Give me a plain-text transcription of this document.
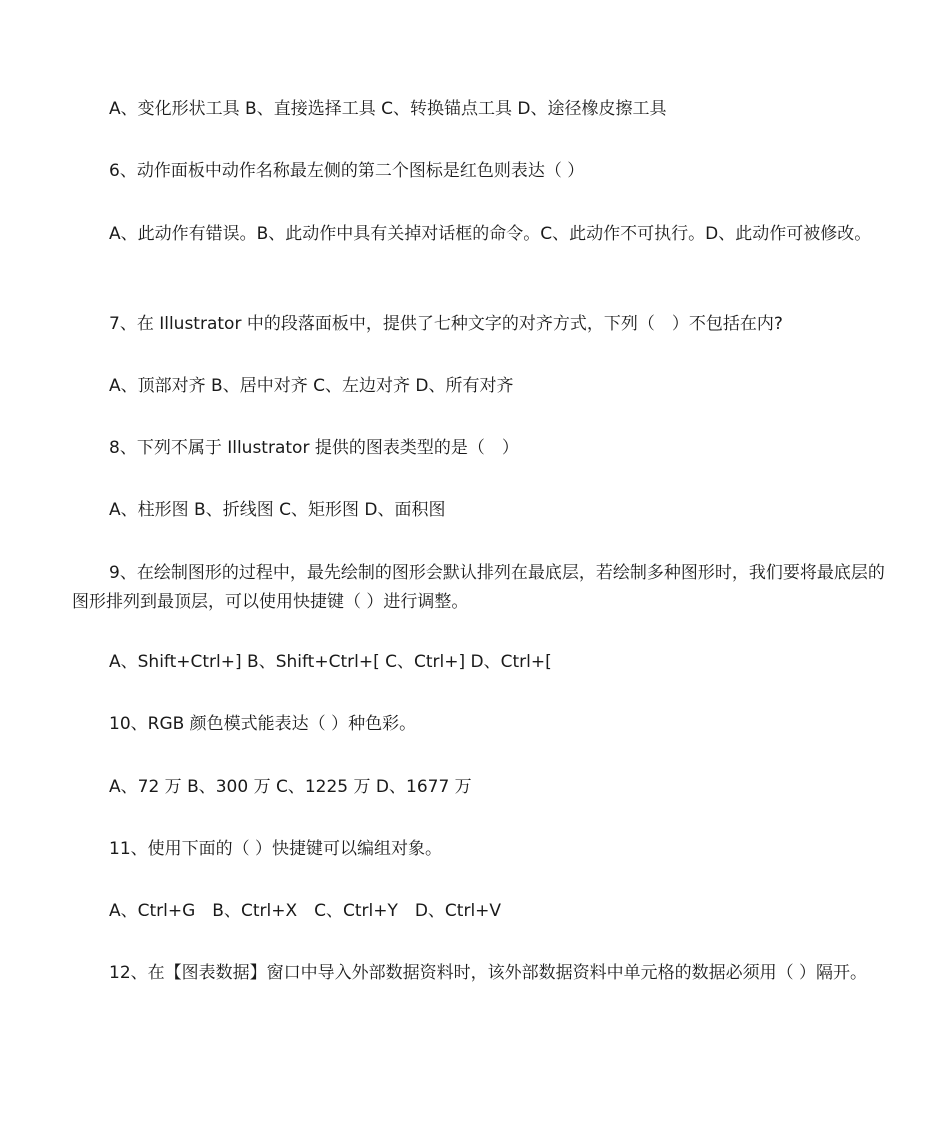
A、变化形状工具 B、直接选择工具 C、转换锚点工具 D、途径橡皮擦工具

6、动作面板中动作名称最左侧的第二个图标是红色则表达（ ）

A、此动作有错误。B、此动作中具有关掉对话框的命令。C、此动作不可执行。D、此动作可被修改。

7、在 Illustrator 中的段落面板中，提供了七种文字的对齐方式，下列（　）不包括在内?

A、顶部对齐 B、居中对齐 C、左边对齐 D、所有对齐

8、下列不属于 Illustrator 提供的图表类型的是（　）

A、柱形图 B、折线图 C、矩形图 D、面积图

9、在绘制图形的过程中，最先绘制的图形会默认排列在最底层，若绘制多种图形时，我们要将最底层的图形排列到最顶层，可以使用快捷键（ ）进行调整。

A、Shift+Ctrl+] B、Shift+Ctrl+[ C、Ctrl+] D、Ctrl+[

10、RGB 颜色模式能表达（ ）种色彩。

A、72 万 B、300 万 C、1225 万 D、1677 万

11、使用下面的（ ）快捷键可以编组对象。

A、Ctrl+G　B、Ctrl+X　C、Ctrl+Y　D、Ctrl+V

12、在【图表数据】窗口中导入外部数据资料时，该外部数据资料中单元格的数据必须用（ ）隔开。
